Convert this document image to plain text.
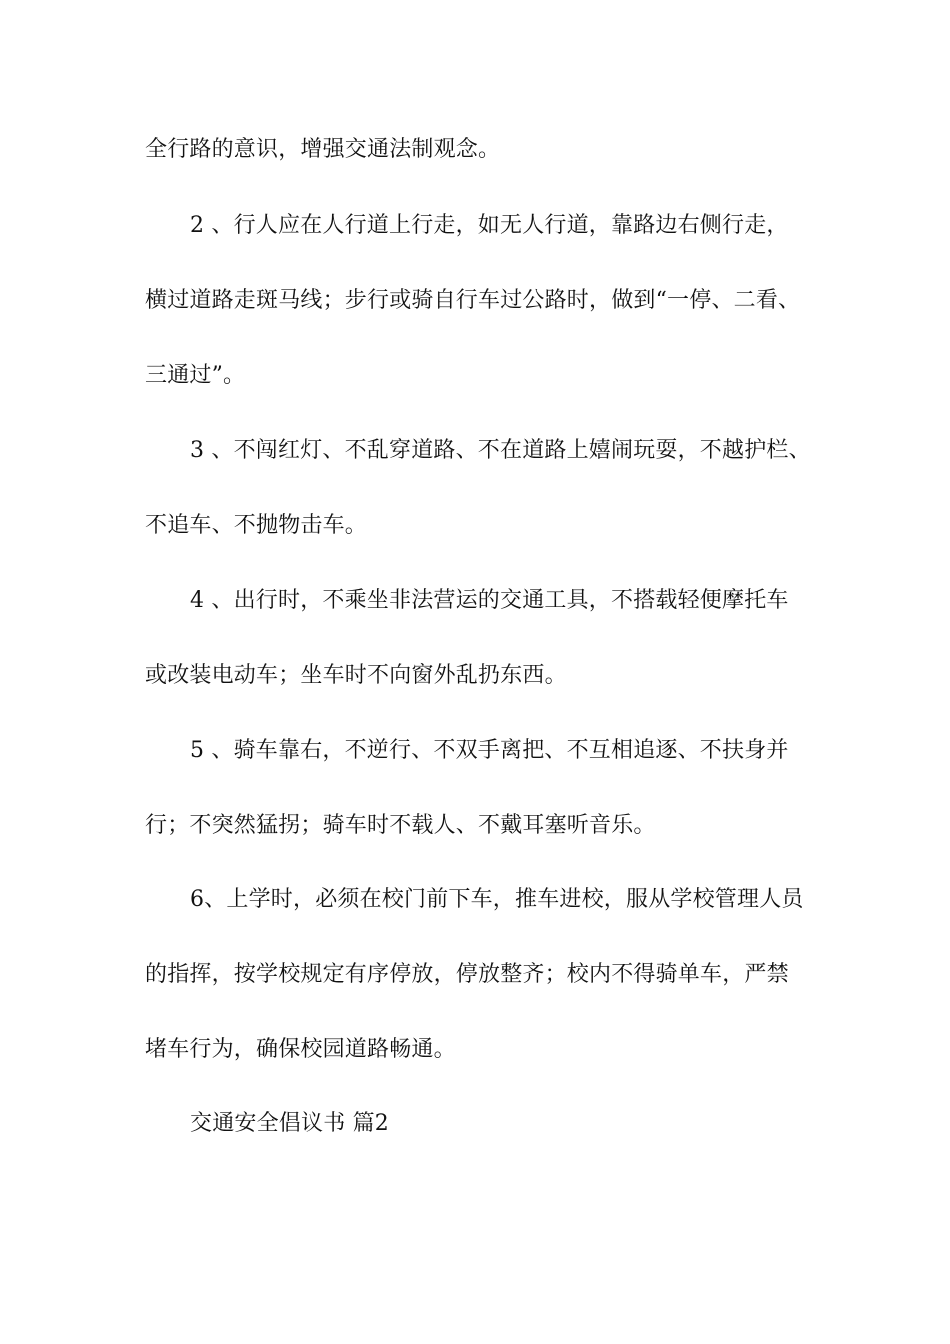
全行路的意识，增强交通法制观念。
2 、行人应在人行道上行走，如无人行道，靠路边右侧行走，
横过道路走斑马线；步行或骑自行车过公路时，做到“一停、二看、
三通过”。
3 、不闯红灯、不乱穿道路、不在道路上嬉闹玩耍，不越护栏、
不追车、不抛物击车。
4 、出行时，不乘坐非法营运的交通工具，不搭载轻便摩托车
或改装电动车；坐车时不向窗外乱扔东西。
5 、骑车靠右，不逆行、不双手离把、不互相追逐、不扶身并
行；不突然猛拐；骑车时不载人、不戴耳塞听音乐。
6、上学时，必须在校门前下车，推车进校，服从学校管理人员
的指挥，按学校规定有序停放，停放整齐；校内不得骑单车，严禁
堵车行为，确保校园道路畅通。
交通安全倡议书 篇2
